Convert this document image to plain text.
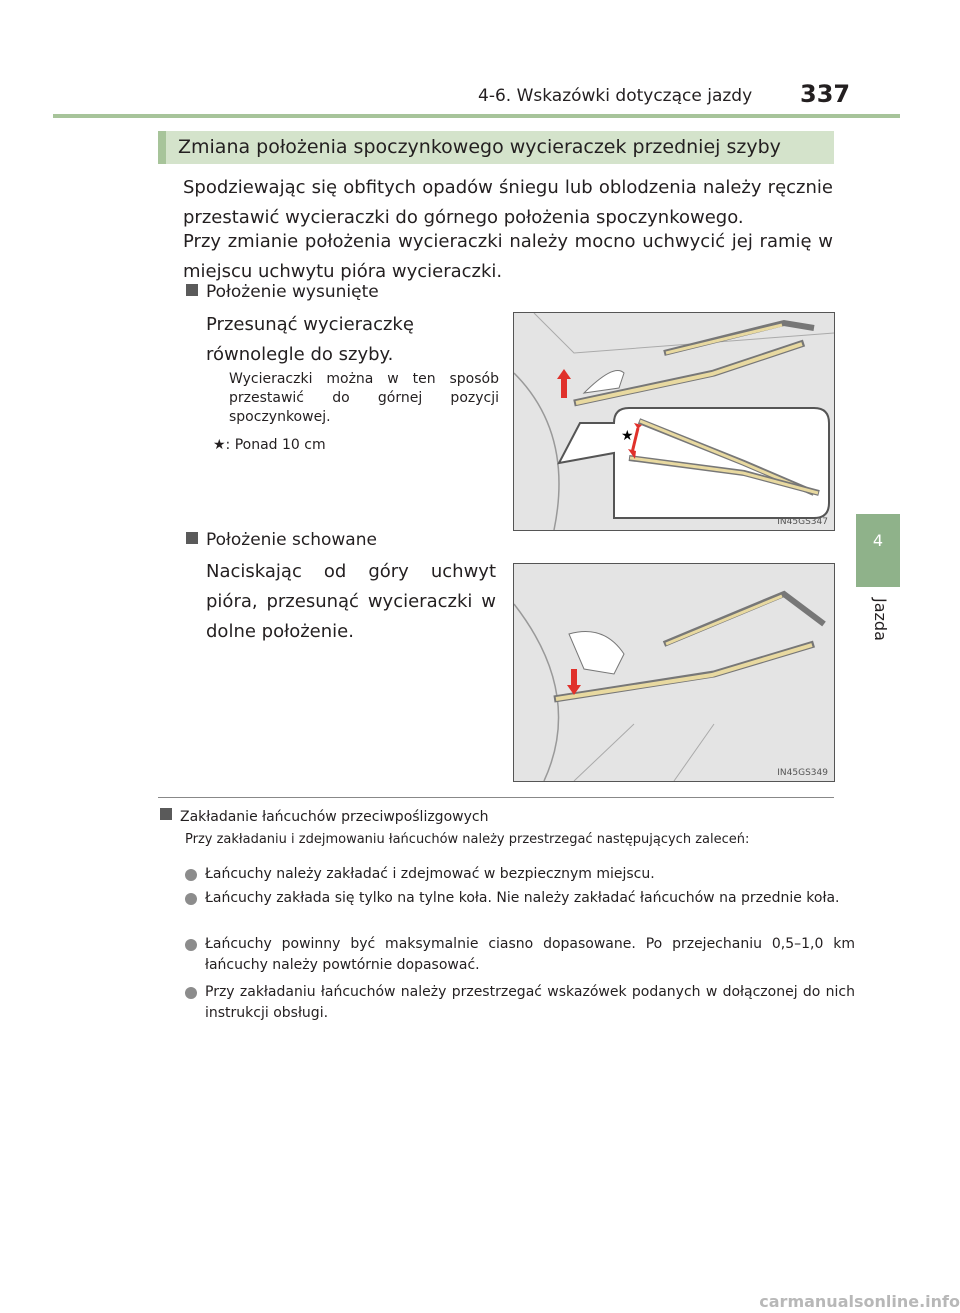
4-6. Wskazówki dotyczące jazdy 337
4
Jazda
Zmiana położenia spoczynkowego wycieraczek przedniej szyby
Spodziewając się obfitych opadów śniegu lub oblodzenia należy ręcznie przestawić wycieraczki do górnego położenia spoczynkowego.
Przy zmianie położenia wycieraczki należy mocno uchwycić jej ramię w miejscu uchwytu pióra wycieraczki.
Położenie wysunięte
Przesunąć wycieraczkę równolegle do szyby.
Wycieraczki można w ten sposób przestawić do górnej pozycji spoczynkowej.
★: Ponad 10 cm
★
IN45GS347
Położenie schowane
Naciskając od góry uchwyt pióra, przesunąć wycieraczki w dolne położenie.
IN45GS349
Zakładanie łańcuchów przeciwpoślizgowych
Przy zakładaniu i zdejmowaniu łańcuchów należy przestrzegać następujących zaleceń:
Łańcuchy należy zakładać i zdejmować w bezpiecznym miejscu.
Łańcuchy zakłada się tylko na tylne koła. Nie należy zakładać łańcuchów na przednie koła.
Łańcuchy powinny być maksymalnie ciasno dopasowane. Po przejechaniu 0,5–1,0 km łańcuchy należy powtórnie dopasować.
Przy zakładaniu łańcuchów należy przestrzegać wskazówek podanych w dołączonej do nich instrukcji obsługi.
carmanualsonline.info
